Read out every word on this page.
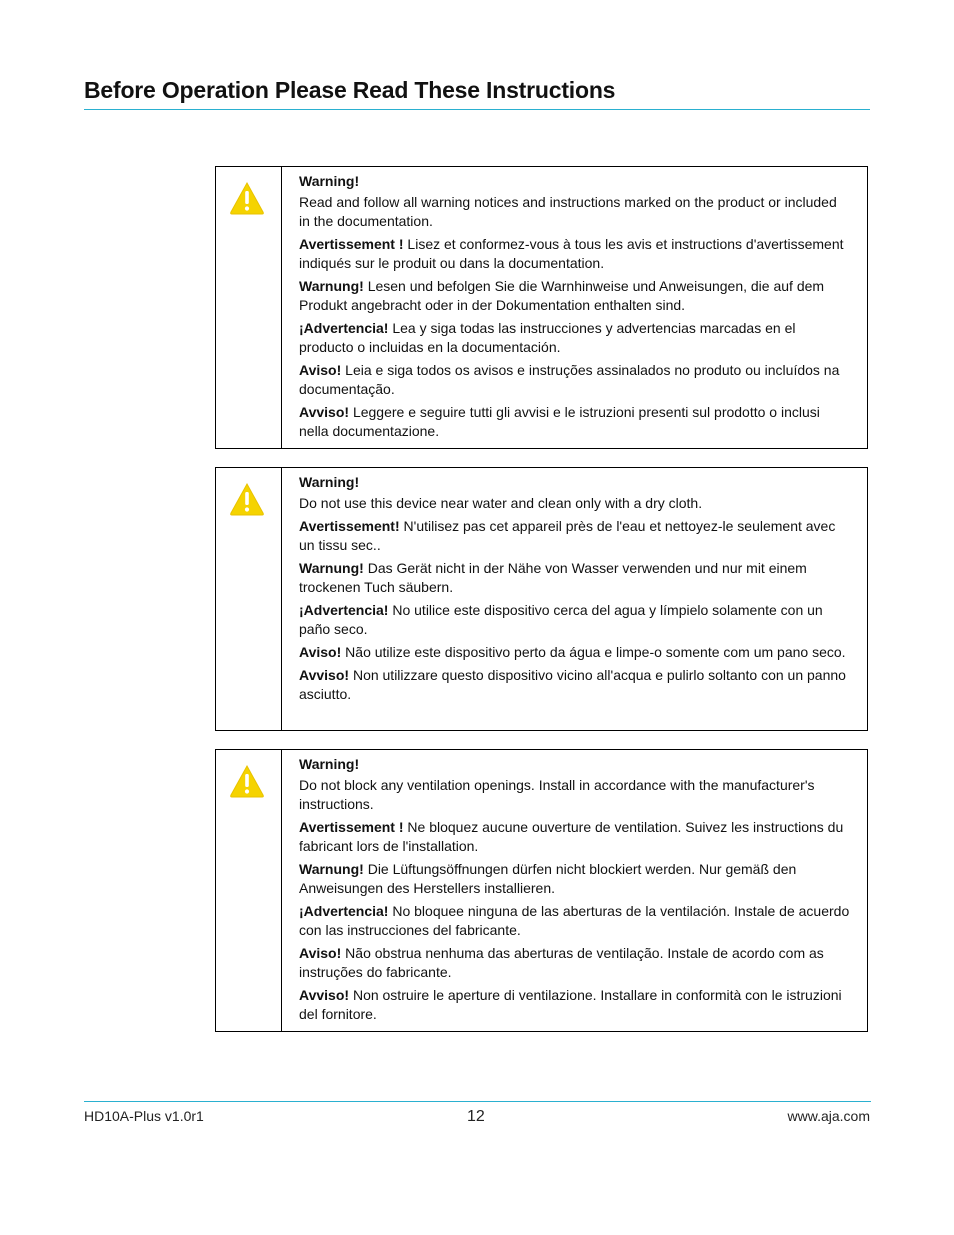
Before Operation Please Read These Instructions

Warning!

Read and follow all warning notices and instructions marked on the product or included in the documentation.

Avertissement ! Lisez et conformez-vous à tous les avis et instructions d'avertissement indiqués sur le produit ou dans la documentation.

Warnung! Lesen und befolgen Sie die Warnhinweise und Anweisungen, die auf dem Produkt angebracht oder in der Dokumentation enthalten sind.

¡Advertencia! Lea y siga todas las instrucciones y advertencias marcadas en el producto o incluidas en la documentación.

Aviso! Leia e siga todos os avisos e instruções assinalados no produto ou incluídos na documentação.

Avviso! Leggere e seguire tutti gli avvisi e le istruzioni presenti sul prodotto o inclusi nella documentazione.

Warning!

Do not use this device near water and clean only with a dry cloth.

Avertissement! N'utilisez pas cet appareil près de l'eau et nettoyez-le seulement avec un tissu sec..

Warnung! Das Gerät nicht in der Nähe von Wasser verwenden und nur mit einem trockenen Tuch säubern.

¡Advertencia! No utilice este dispositivo cerca del agua y límpielo solamente con un paño seco.

Aviso! Não utilize este dispositivo perto da água e limpe-o somente com um pano seco.

Avviso! Non utilizzare questo dispositivo vicino all'acqua e pulirlo soltanto con un panno asciutto.

Warning!

Do not block any ventilation openings. Install in accordance with the manufacturer's instructions.

Avertissement ! Ne bloquez aucune ouverture de ventilation. Suivez les instructions du fabricant lors de l'installation.

Warnung! Die Lüftungsöffnungen dürfen nicht blockiert werden. Nur gemäß den Anweisungen des Herstellers installieren.

¡Advertencia! No bloquee ninguna de las aberturas de la ventilación. Instale de acuerdo con las instrucciones del fabricante.

Aviso! Não obstrua nenhuma das aberturas de ventilação. Instale de acordo com as instruções do fabricante.

Avviso! Non ostruire le aperture di ventilazione. Installare in conformità con le istruzioni del fornitore.

HD10A-Plus v1.0r1	12	www.aja.com
